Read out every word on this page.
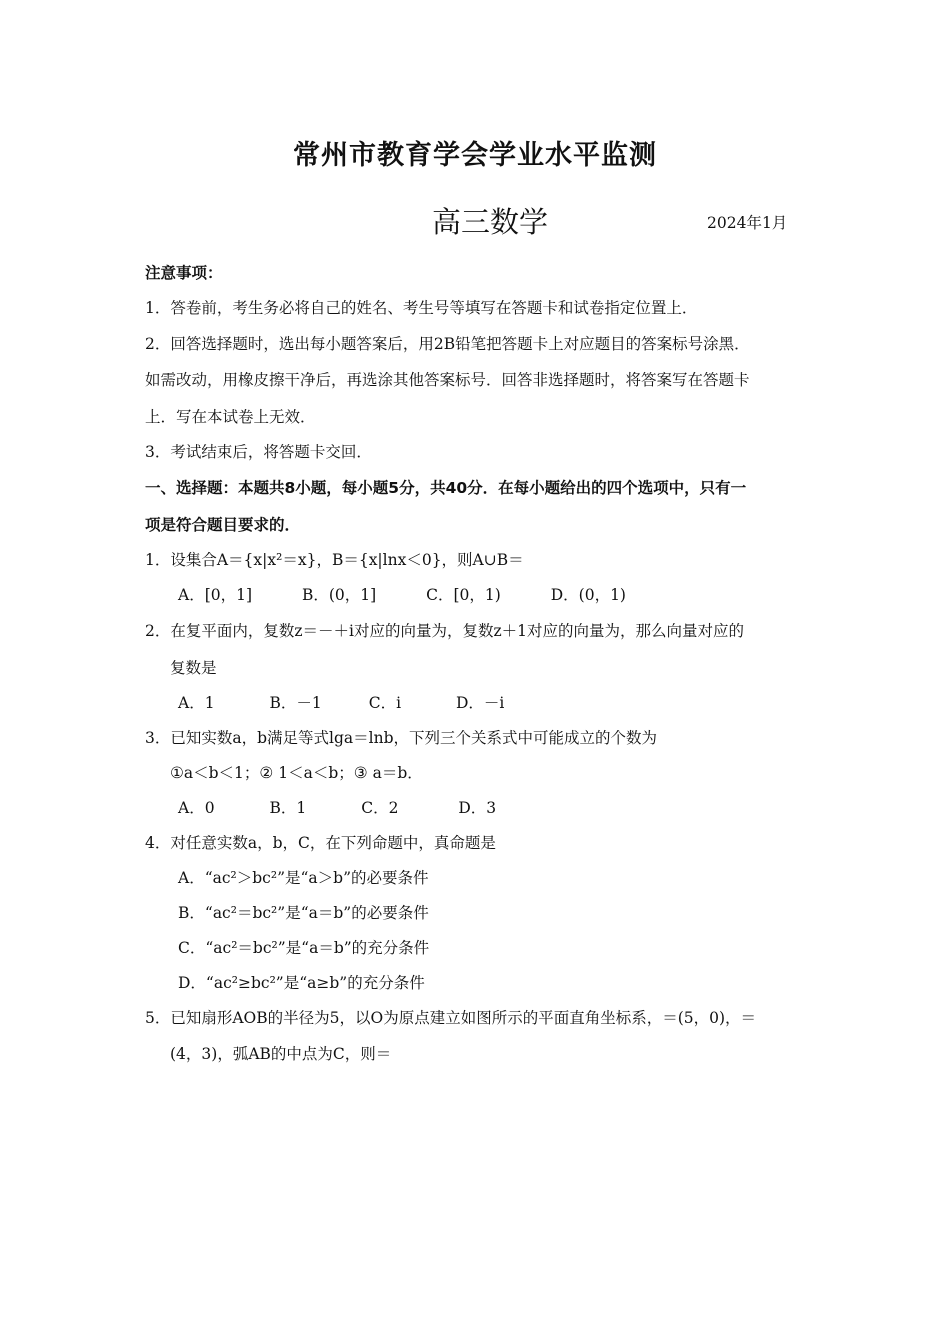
常州市教育学会学业水平监测
高三数学	2024年1月
注意事项：
1．答卷前，考生务必将自己的姓名、考生号等填写在答题卡和试卷指定位置上．
2．回答选择题时，选出每小题答案后，用2B铅笔把答题卡上对应题目的答案标号涂黑．
如需改动，用橡皮擦干净后，再选涂其他答案标号．回答非选择题时，将答案写在答题卡
上．写在本试卷上无效．
3．考试结束后，将答题卡交回．
一、选择题：本题共8小题，每小题5分，共40分．在每小题给出的四个选项中，只有一
项是符合题目要求的．
1．设集合A＝{x|x²＝x}，B＝{x|lnx＜0}，则A∪B＝
A．[0，1]	B．(0，1]	C．[0，1)	D．(0，1)
2．在复平面内，复数z＝－＋i对应的向量为，复数z＋1对应的向量为，那么向量对应的
复数是
A．1	B．－1	C．i	D．－i
3．已知实数a，b满足等式lga＝lnb，下列三个关系式中可能成立的个数为
①a＜b＜1；② 1＜a＜b；③ a＝b．
A．0	B．1	C．2	D．3
4．对任意实数a，b，C，在下列命题中，真命题是
A．“ac²＞bc²”是“a＞b”的必要条件
B．“ac²＝bc²”是“a＝b”的必要条件
C．“ac²＝bc²”是“a＝b”的充分条件
D．“ac²≥bc²”是“a≥b”的充分条件
5．已知扇形AOB的半径为5，以O为原点建立如图所示的平面直角坐标系，＝(5，0)，＝
(4，3)，弧AB的中点为C，则＝
